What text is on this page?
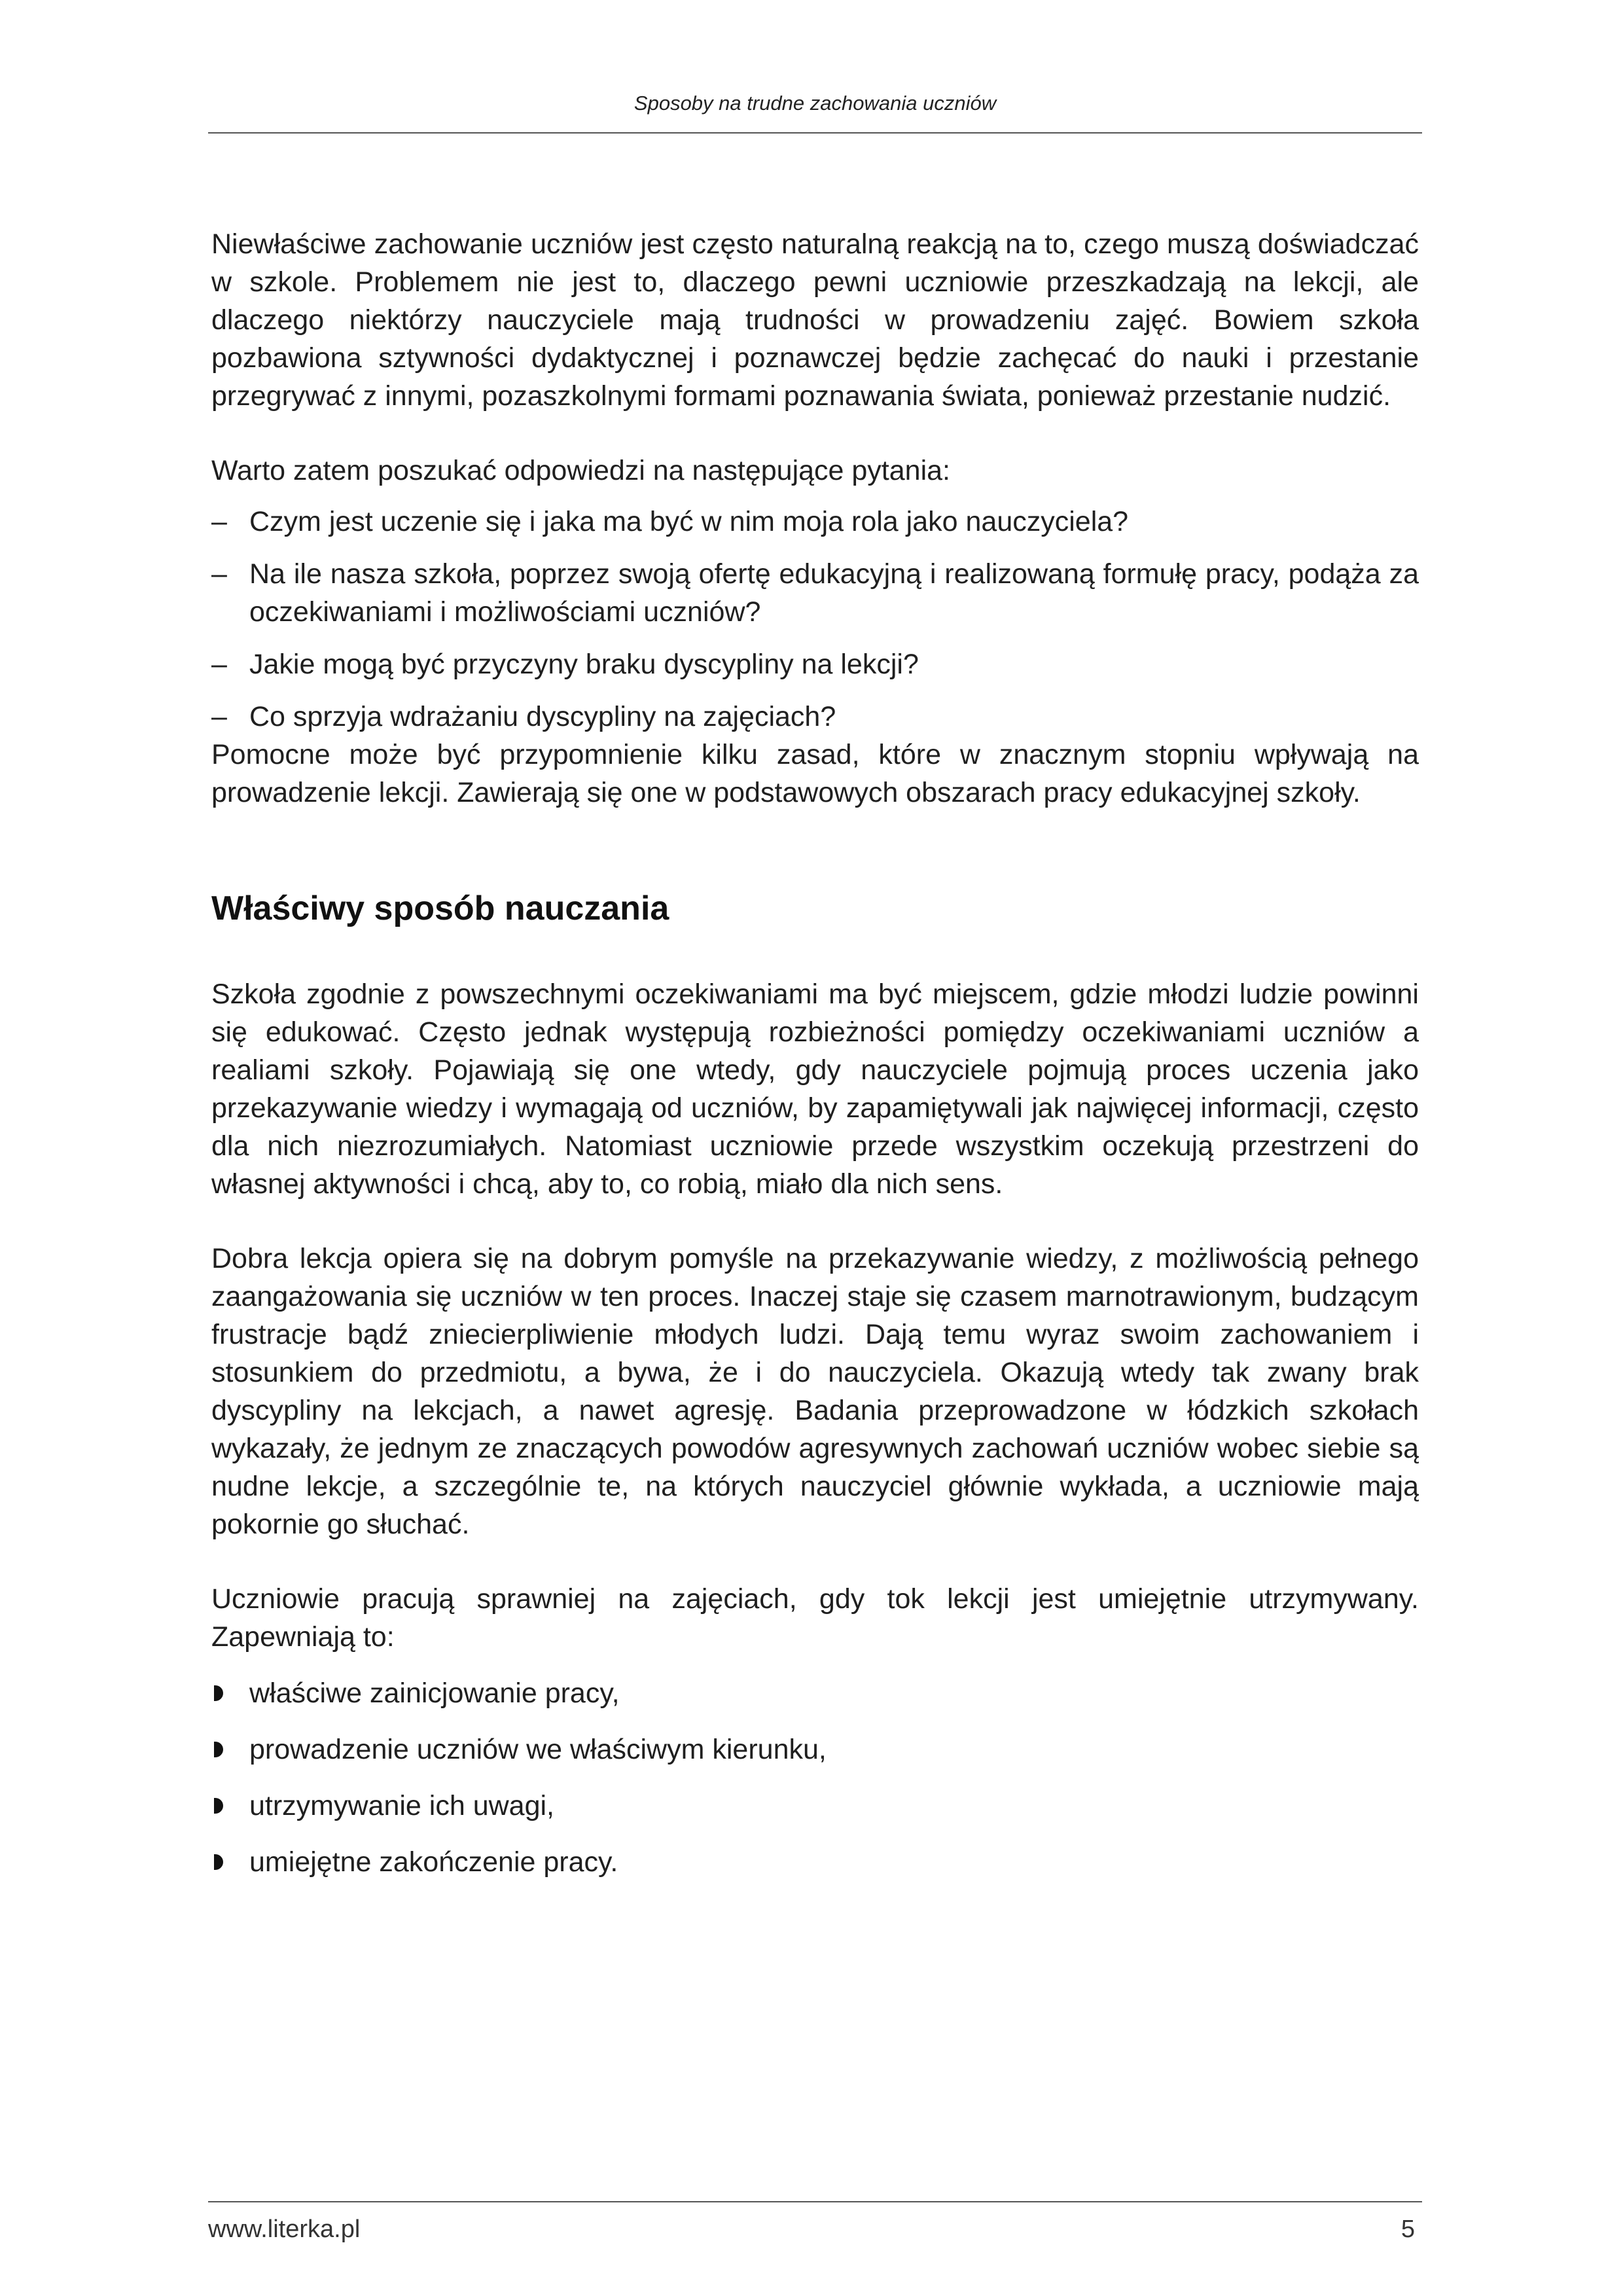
Sposoby na trudne zachowania uczniów

Niewłaściwe zachowanie uczniów jest często naturalną reakcją na to, czego muszą doświadczać w szkole. Problemem nie jest to, dlaczego pewni uczniowie przeszkadzają na lekcji, ale dlaczego niektórzy nauczyciele mają trudności w prowadzeniu zajęć. Bowiem szkoła pozbawiona sztywności dydaktycznej i poznawczej będzie zachęcać do nauki i przestanie przegrywać z innymi, pozaszkolnymi formami poznawania świata, ponieważ przestanie nudzić.

Warto zatem poszukać odpowiedzi na następujące pytania:

– Czym jest uczenie się i jaka ma być w nim moja rola jako nauczyciela?
– Na ile nasza szkoła, poprzez swoją ofertę edukacyjną i realizowaną formułę pracy, podąża za oczekiwaniami i możliwościami uczniów?
– Jakie mogą być przyczyny braku dyscypliny na lekcji?
– Co sprzyja wdrażaniu dyscypliny na zajęciach?

Pomocne może być przypomnienie kilku zasad, które w znacznym stopniu wpływają na prowadzenie lekcji. Zawierają się one w podstawowych obszarach pracy edukacyjnej szkoły.

Właściwy sposób nauczania

Szkoła zgodnie z powszechnymi oczekiwaniami ma być miejscem, gdzie młodzi ludzie powinni się edukować. Często jednak występują rozbieżności pomiędzy oczekiwaniami uczniów a realiami szkoły. Pojawiają się one wtedy, gdy nauczyciele pojmują proces uczenia jako przekazywanie wiedzy i wymagają od uczniów, by zapamiętywali jak najwięcej informacji, często dla nich niezrozumiałych. Natomiast uczniowie przede wszystkim oczekują przestrzeni do własnej aktywności i chcą, aby to, co robią, miało dla nich sens.

Dobra lekcja opiera się na dobrym pomyśle na przekazywanie wiedzy, z możliwością pełnego zaangażowania się uczniów w ten proces. Inaczej staje się czasem marnotrawionym, budzącym frustracje bądź zniecierpliwienie młodych ludzi. Dają temu wyraz swoim zachowaniem i stosunkiem do przedmiotu, a bywa, że i do nauczyciela. Okazują wtedy tak zwany brak dyscypliny na lekcjach, a nawet agresję. Badania przeprowadzone w łódzkich szkołach wykazały, że jednym ze znaczących powodów agresywnych zachowań uczniów wobec siebie są nudne lekcje, a szczególnie te, na których nauczyciel głównie wykłada, a uczniowie mają pokornie go słuchać.

Uczniowie pracują sprawniej na zajęciach, gdy tok lekcji jest umiejętnie utrzymywany. Zapewniają to:

właściwe zainicjowanie pracy,
prowadzenie uczniów we właściwym kierunku,
utrzymywanie ich uwagi,
umiejętne zakończenie pracy.
www.literka.pl	5
